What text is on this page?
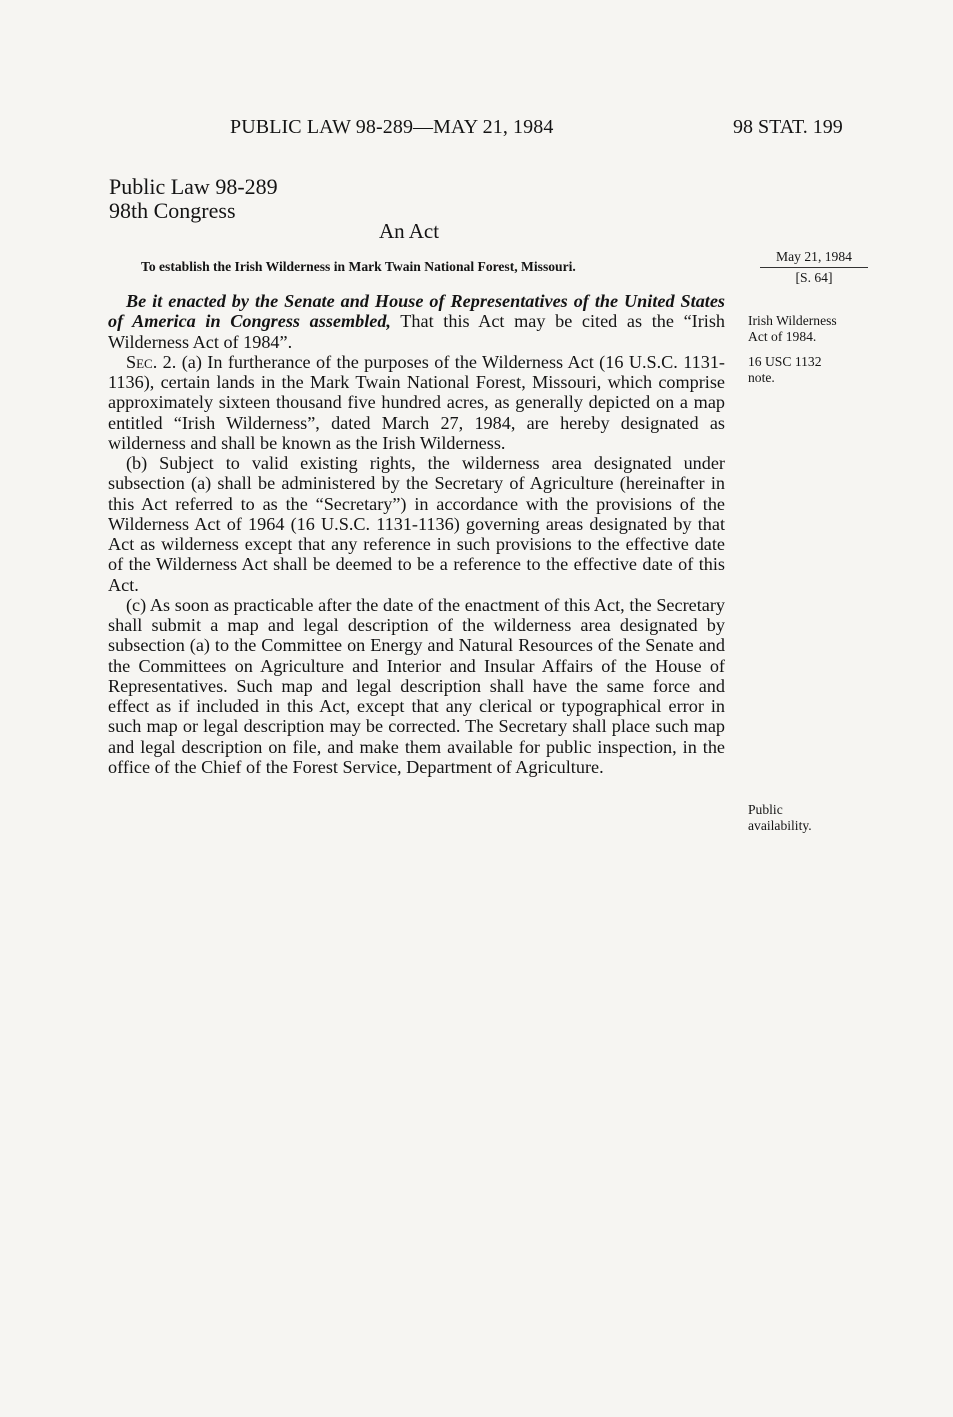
PUBLIC LAW 98-289—MAY 21, 1984	98 STAT. 199
Public Law 98-289
98th Congress
An Act
To establish the Irish Wilderness in Mark Twain National Forest, Missouri.

Be it enacted by the Senate and House of Representatives of the United States of America in Congress assembled, That this Act may be cited as the “Irish Wilderness Act of 1984”.

Sec. 2. (a) In furtherance of the purposes of the Wilderness Act (16 U.S.C. 1131-1136), certain lands in the Mark Twain National Forest, Missouri, which comprise approximately sixteen thousand five hundred acres, as generally depicted on a map entitled “Irish Wilderness”, dated March 27, 1984, are hereby designated as wilderness and shall be known as the Irish Wilderness.

(b) Subject to valid existing rights, the wilderness area designated under subsection (a) shall be administered by the Secretary of Agriculture (hereinafter in this Act referred to as the “Secretary”) in accordance with the provisions of the Wilderness Act of 1964 (16 U.S.C. 1131-1136) governing areas designated by that Act as wilderness except that any reference in such provisions to the effective date of the Wilderness Act shall be deemed to be a reference to the effective date of this Act.

(c) As soon as practicable after the date of the enactment of this Act, the Secretary shall submit a map and legal description of the wilderness area designated by subsection (a) to the Committee on Energy and Natural Resources of the Senate and the Committees on Agriculture and Interior and Insular Affairs of the House of Representatives. Such map and legal description shall have the same force and effect as if included in this Act, except that any clerical or typographical error in such map or legal description may be corrected. The Secretary shall place such map and legal description on file, and make them available for public inspection, in the office of the Chief of the Forest Service, Department of Agriculture.

May 21, 1984
[S. 64]
Irish Wilderness
Act of 1984.
16 USC 1132
note.
Public
availability.
